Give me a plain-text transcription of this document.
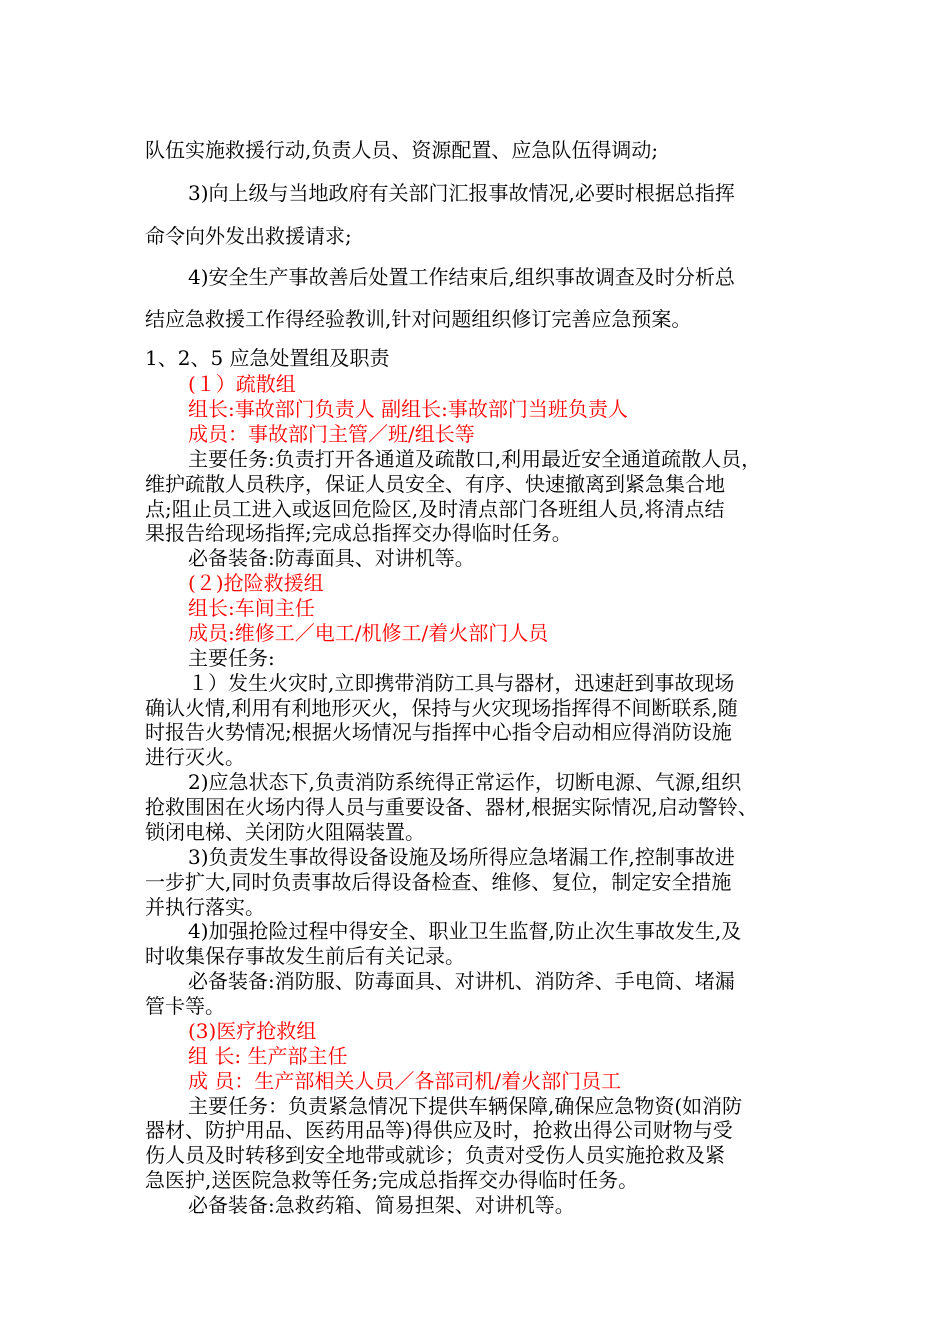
队伍实施救援行动,负责人员、资源配置、应急队伍得调动;
3)向上级与当地政府有关部门汇报事故情况,必要时根据总指挥
命令向外发出救援请求;
4)安全生产事故善后处置工作结束后,组织事故调查及时分析总
结应急救援工作得经验教训,针对问题组织修订完善应急预案。
1、2、5 应急处置组及职责
(１）疏散组
组长:事故部门负责人 副组长:事故部门当班负责人
成员：事故部门主管／班/组长等
主要任务:负责打开各通道及疏散口,利用最近安全通道疏散人员，
维护疏散人员秩序，保证人员安全、有序、快速撤离到紧急集合地
点;阻止员工进入或返回危险区,及时清点部门各班组人员,将清点结
果报告给现场指挥;完成总指挥交办得临时任务。
必备装备:防毒面具、对讲机等。
(２)抢险救援组
组长:车间主任
成员:维修工／电工/机修工/着火部门人员
主要任务:
１）发生火灾时,立即携带消防工具与器材，迅速赶到事故现场
确认火情,利用有利地形灭火，保持与火灾现场指挥得不间断联系,随
时报告火势情况;根据火场情况与指挥中心指令启动相应得消防设施
进行灭火。
2)应急状态下,负责消防系统得正常运作，切断电源、气源,组织
抢救围困在火场内得人员与重要设备、器材,根据实际情况,启动警铃、
锁闭电梯、关闭防火阻隔装置。
3)负责发生事故得设备设施及场所得应急堵漏工作,控制事故进
一步扩大,同时负责事故后得设备检查、维修、复位，制定安全措施
并执行落实。
4)加强抢险过程中得安全、职业卫生监督,防止次生事故发生,及
时收集保存事故发生前后有关记录。
必备装备:消防服、防毒面具、对讲机、消防斧、手电筒、堵漏
管卡等。
(3)医疗抢救组
组 长: 生产部主任
成 员：生产部相关人员／各部司机/着火部门员工
主要任务：负责紧急情况下提供车辆保障,确保应急物资(如消防
器材、防护用品、医药用品等)得供应及时，抢救出得公司财物与受
伤人员及时转移到安全地带或就诊；负责对受伤人员实施抢救及紧
急医护,送医院急救等任务;完成总指挥交办得临时任务。
必备装备:急救药箱、简易担架、对讲机等。
